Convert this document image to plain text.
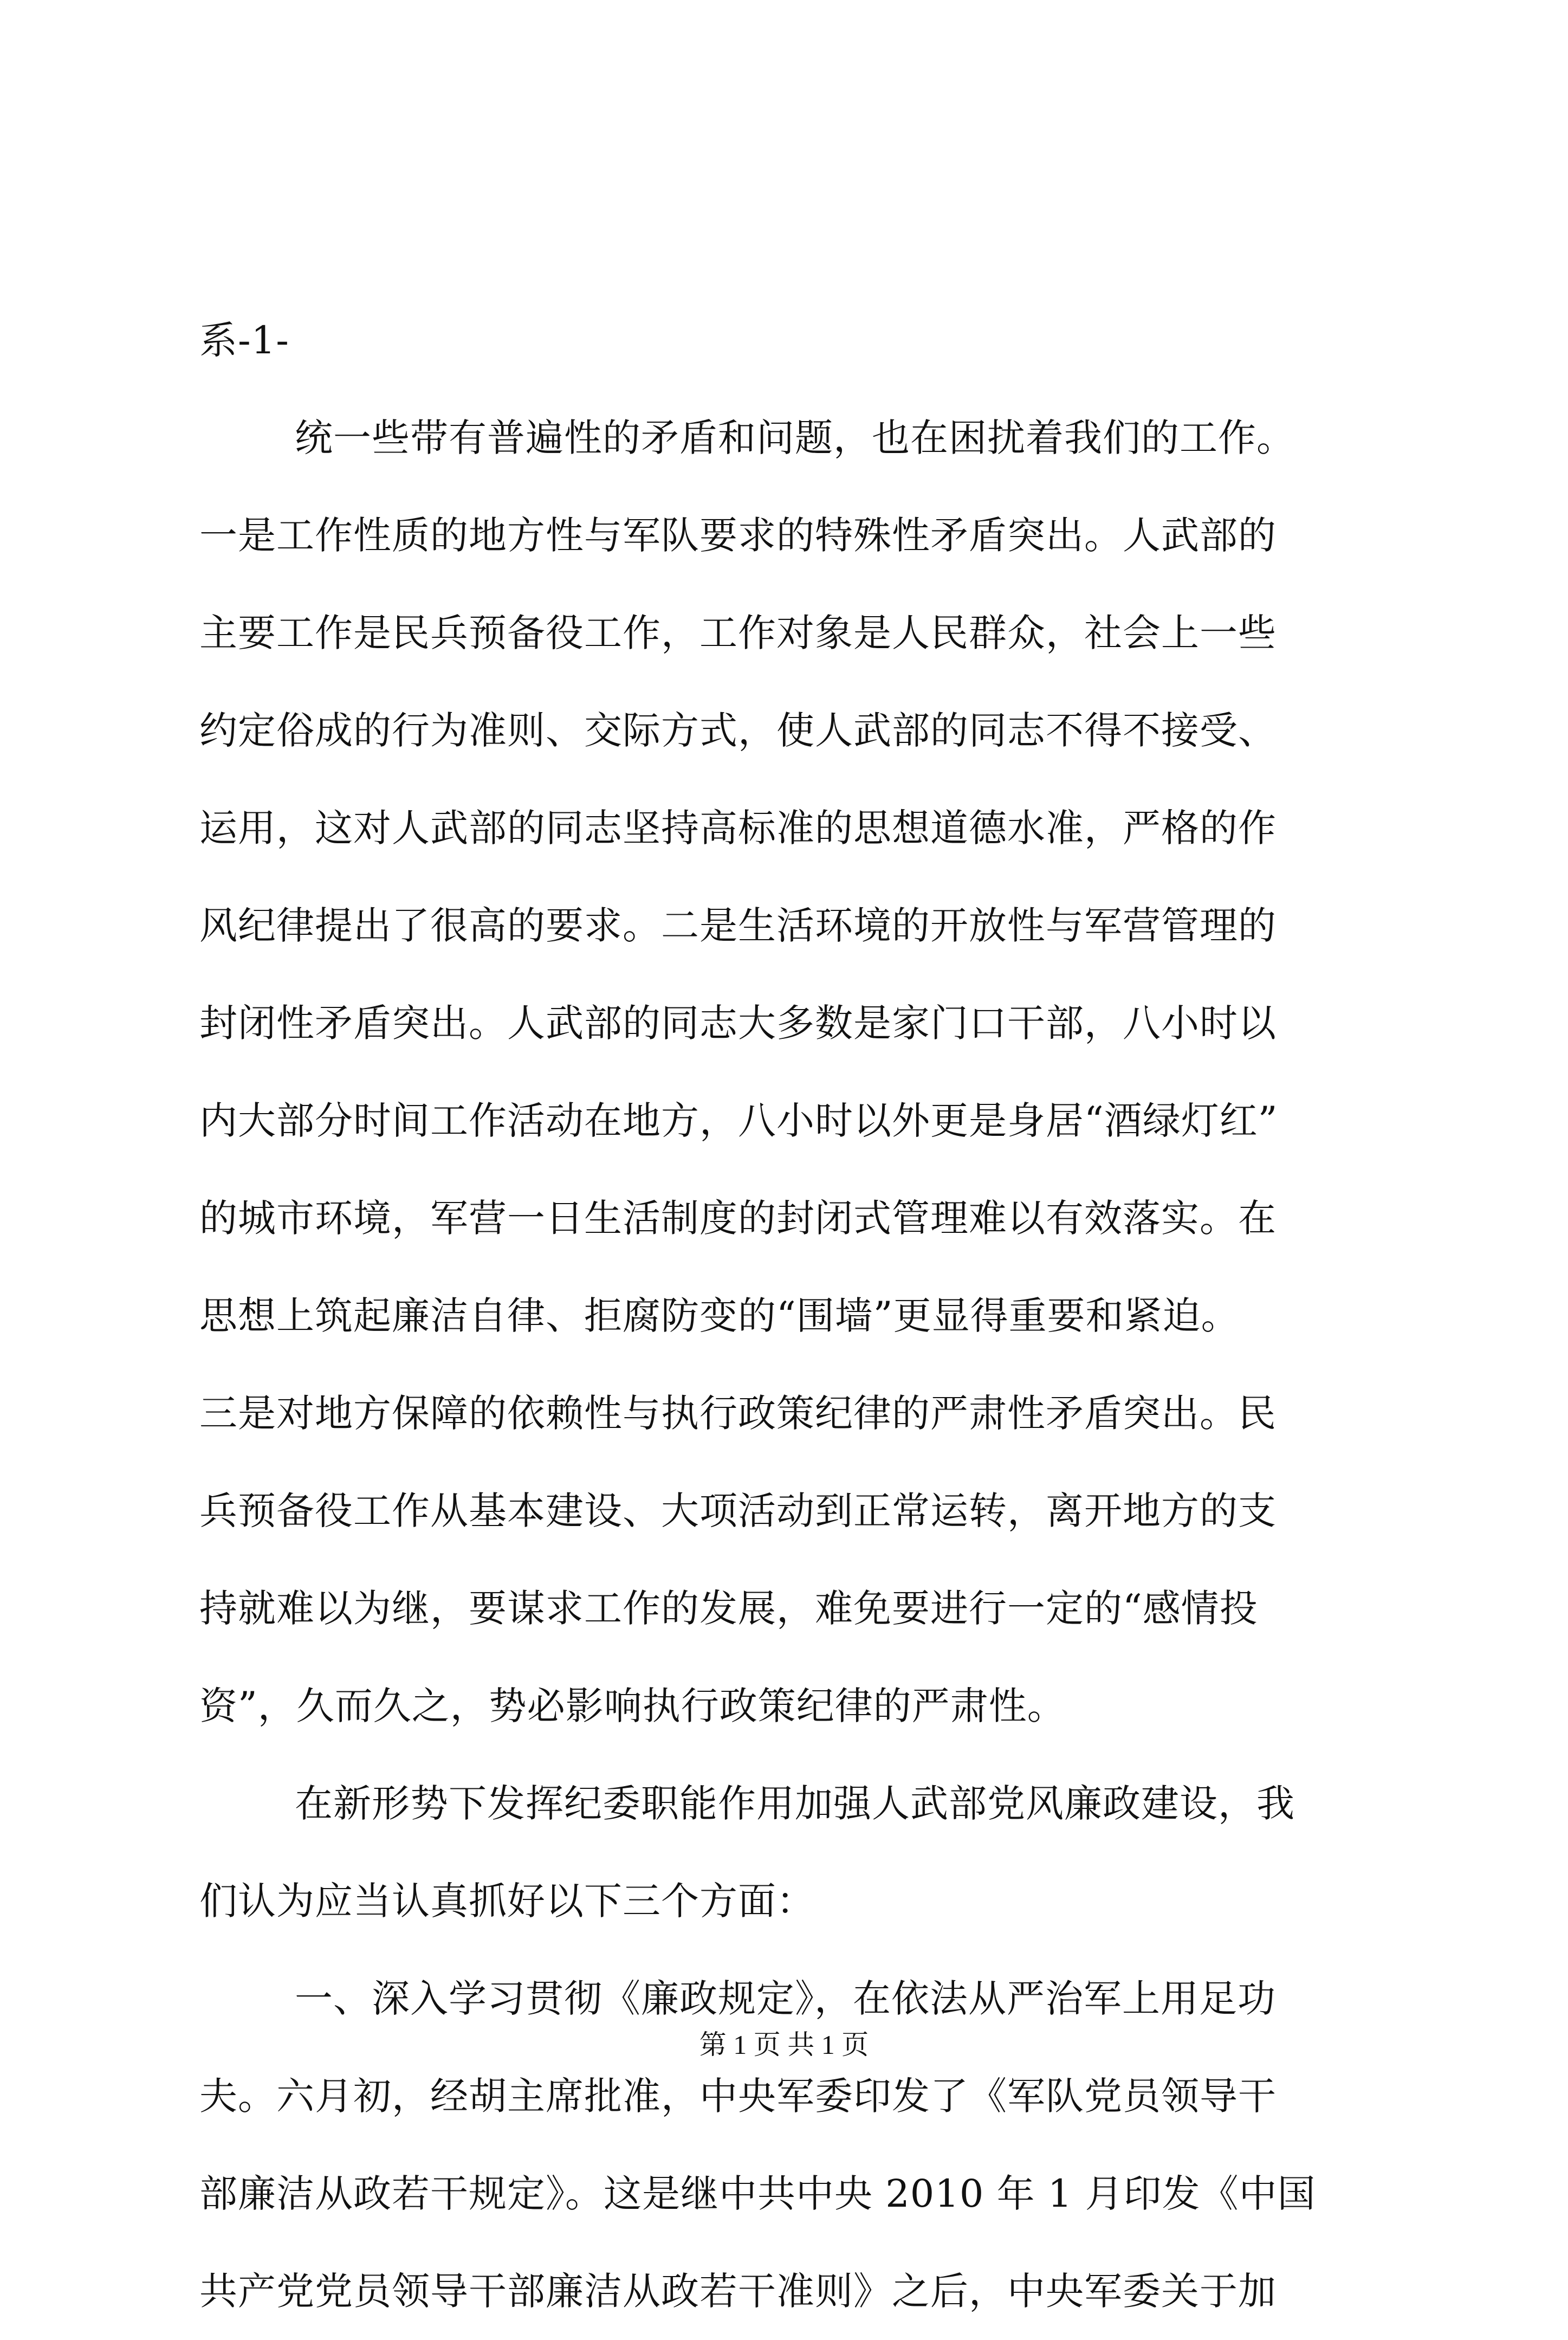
系-1-
统一些带有普遍性的矛盾和问题，也在困扰着我们的工作。
一是工作性质的地方性与军队要求的特殊性矛盾突出。人武部的
主要工作是民兵预备役工作，工作对象是人民群众，社会上一些
约定俗成的行为准则、交际方式，使人武部的同志不得不接受、
运用，这对人武部的同志坚持高标准的思想道德水准，严格的作
风纪律提出了很高的要求。二是生活环境的开放性与军营管理的
封闭性矛盾突出。人武部的同志大多数是家门口干部，八小时以
内大部分时间工作活动在地方，八小时以外更是身居“酒绿灯红”
的城市环境，军营一日生活制度的封闭式管理难以有效落实。在
思想上筑起廉洁自律、拒腐防变的“围墙”更显得重要和紧迫。
三是对地方保障的依赖性与执行政策纪律的严肃性矛盾突出。民
兵预备役工作从基本建设、大项活动到正常运转，离开地方的支
持就难以为继，要谋求工作的发展，难免要进行一定的“感情投
资”，久而久之，势必影响执行政策纪律的严肃性。
在新形势下发挥纪委职能作用加强人武部党风廉政建设，我
们认为应当认真抓好以下三个方面：
一、深入学习贯彻《廉政规定》，在依法从严治军上用足功
夫。六月初，经胡主席批准，中央军委印发了《军队党员领导干
部廉洁从政若干规定》。这是继中共中央 2010 年 1 月印发《中国
共产党党员领导干部廉洁从政若干准则》之后，中央军委关于加
第 1 页 共 1 页
